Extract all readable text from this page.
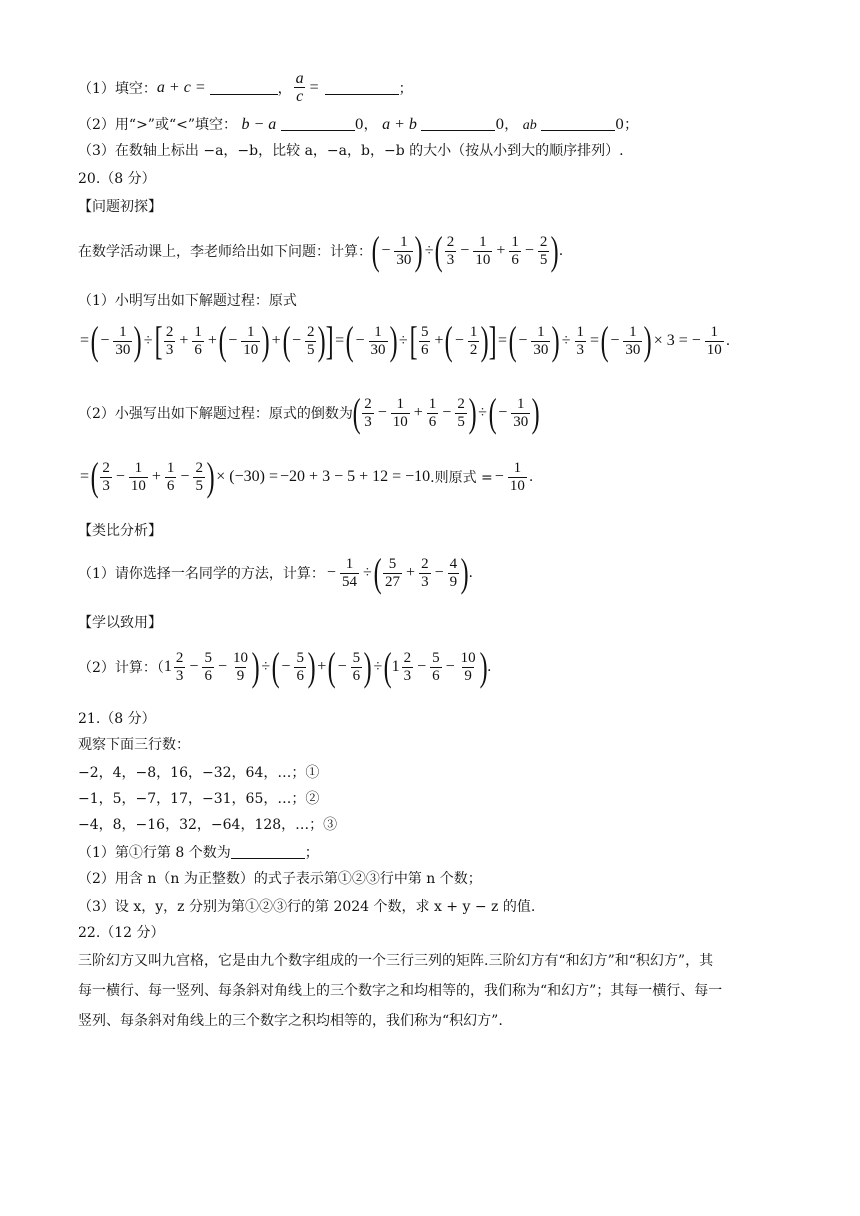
（1）填空： a + c =	， $\frac{a}{c}$ =	；
（2）用“>”或“<”填空： b − a	0， a + b	0， ab	0；
（3）在数轴上标出 −a，−b，比较 a，−a，b，−b 的大小（按从小到大的顺序排列）.
20.（8 分）
【问题初探】
在数学活动课上，李老师给出如下问题：计算： ( − $\frac{1}{30}$ ) ÷ ( $\frac{2}{3} - \frac{1}{10} + \frac{1}{6} - \frac{2}{5}$ ) .
（1）小明写出如下解题过程：原式
= ( − $\frac{1}{30}$ ) ÷ [ $\frac{2}{3} + \frac{1}{6}$ + ( − $\frac{1}{10}$ ) + ( − $\frac{2}{5}$ ) ] = ( − $\frac{1}{30}$ ) ÷ [ $\frac{5}{6}$ + ( − $\frac{1}{2}$ ) ] = ( − $\frac{1}{30}$ ) ÷ $\frac{1}{3}$ = ( − $\frac{1}{30}$ ) × 3 = − $\frac{1}{10}$ .
（2）小强写出如下解题过程：原式的倒数为 ( $\frac{2}{3} - \frac{1}{10} + \frac{1}{6} - \frac{2}{5}$ ) ÷ ( − $\frac{1}{30}$ )
= ( $\frac{2}{3} - \frac{1}{10} + \frac{1}{6} - \frac{2}{5}$ ) × (−30) = −20 + 3 − 5 + 12 = −10 .则原式 = − $\frac{1}{10}$ .
【类比分析】
（1）请你选择一名同学的方法，计算： − $\frac{1}{54}$ ÷ ( $\frac{5}{27} + \frac{2}{3} - \frac{4}{9}$ ) .
【学以致用】
（2）计算：（ $1 \frac{2}{3} - \frac{5}{6} - \frac{10}{9}$ ) ÷ ( − $\frac{5}{6}$ ) + ( − $\frac{5}{6}$ ) ÷ ( $1 \frac{2}{3} - \frac{5}{6} - \frac{10}{9}$ ) .
21.（8 分）
观察下面三行数：
−2，4，−8，16，−32，64，…；①
−1，5，−7，17，−31，65，…；②
−4，8，−16，32，−64，128，…；③
（1）第①行第 8 个数为	；
（2）用含 n（n 为正整数）的式子表示第①②③行中第 n 个数；
（3）设 x，y，z 分别为第①②③行的第 2024 个数，求 x + y − z 的值.
22.（12 分）
三阶幻方又叫九宫格，它是由九个数字组成的一个三行三列的矩阵.三阶幻方有“和幻方”和“积幻方”，其
每一横行、每一竖列、每条斜对角线上的三个数字之和均相等的，我们称为“和幻方”；其每一横行、每一
竖列、每条斜对角线上的三个数字之积均相等的，我们称为“积幻方”.
